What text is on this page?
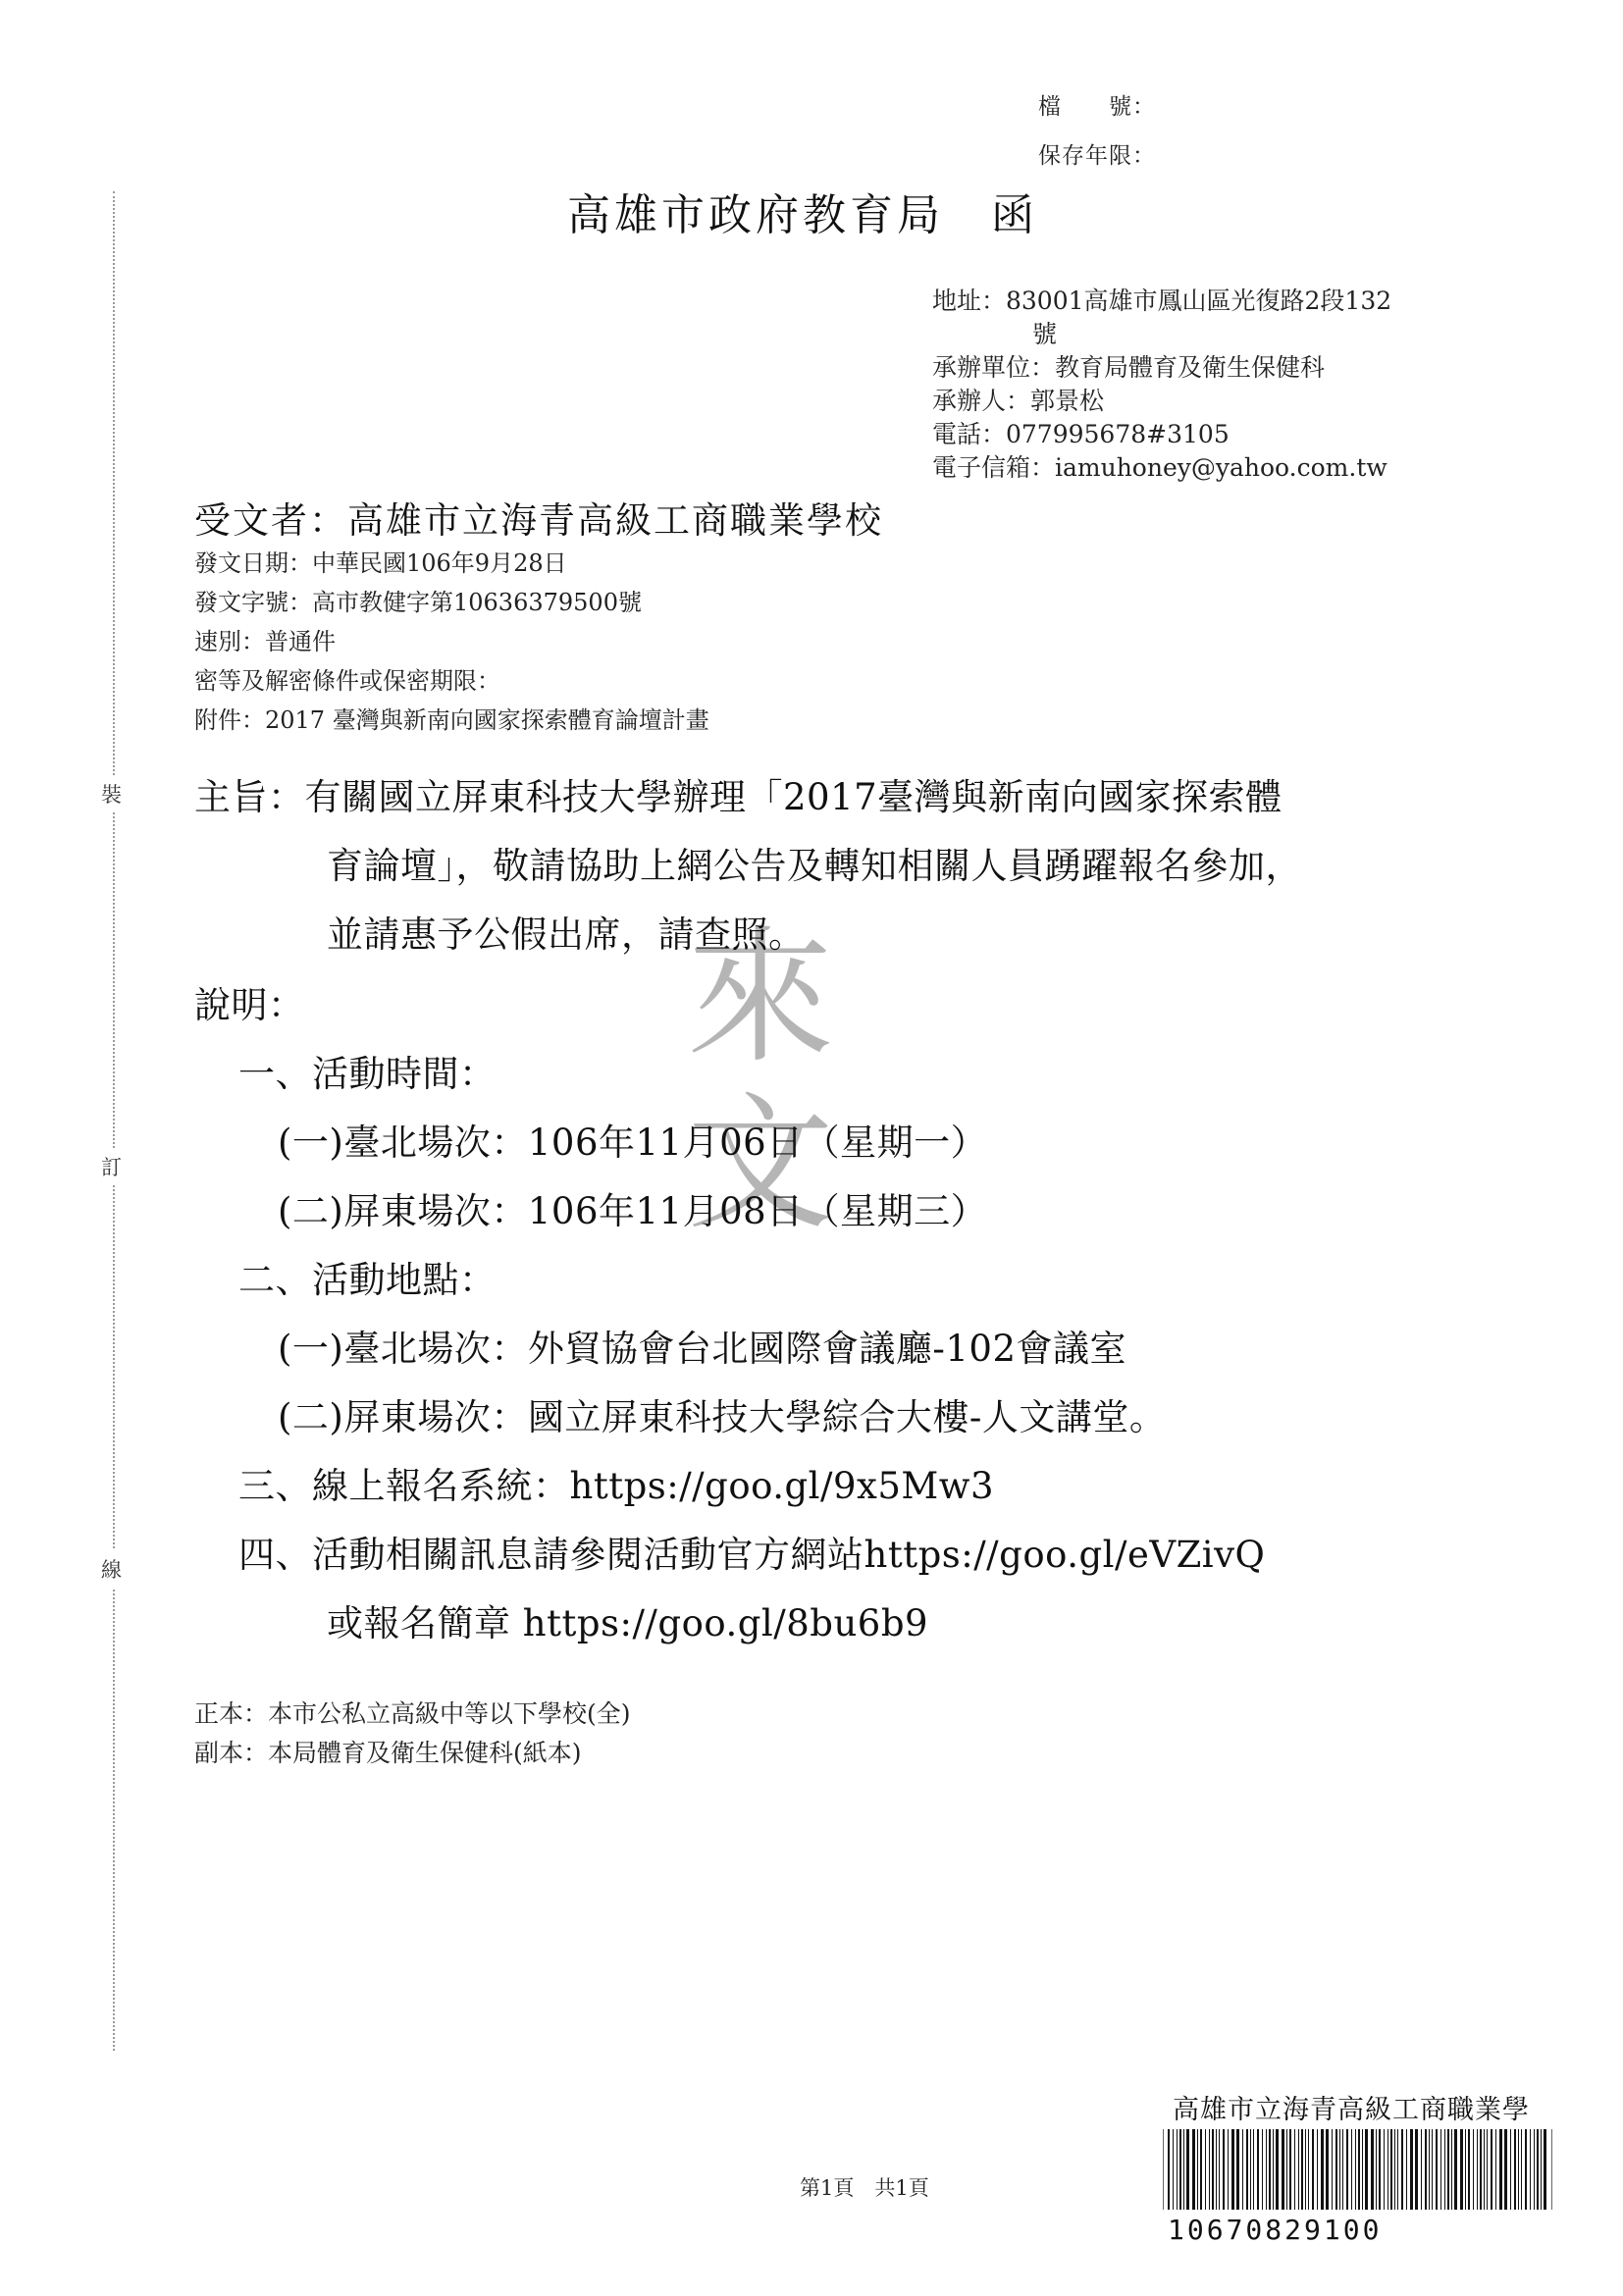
裝
訂
線
檔　　號：
保存年限：
高雄市政府教育局　函
地址：83001高雄市鳳山區光復路2段132
號
承辦單位：教育局體育及衛生保健科
承辦人：郭景松
電話：077995678#3105
電子信箱：iamuhoney@yahoo.com.tw
受文者：高雄市立海青高級工商職業學校
發文日期：中華民國106年9月28日
發文字號：高市教健字第10636379500號
速別：普通件
密等及解密條件或保密期限：
附件：2017 臺灣與新南向國家探索體育論壇計畫
來
文
主旨：有關國立屏東科技大學辦理「2017臺灣與新南向國家探索體
育論壇」，敬請協助上網公告及轉知相關人員踴躍報名參加，
並請惠予公假出席，請查照。
說明：
一、活動時間：
(一)臺北場次：106年11月06日（星期一）
(二)屏東場次：106年11月08日（星期三）
二、活動地點：
(一)臺北場次：外貿協會台北國際會議廳-102會議室
(二)屏東場次：國立屏東科技大學綜合大樓-人文講堂。
三、線上報名系統：https://goo.gl/9x5Mw3
四、活動相關訊息請參閱活動官方網站https://goo.gl/eVZivQ
或報名簡章 https://goo.gl/8bu6b9
正本：本市公私立高級中等以下學校(全)
副本：本局體育及衛生保健科(紙本)
第1頁　共1頁
高雄市立海青高級工商職業學
10670829100
